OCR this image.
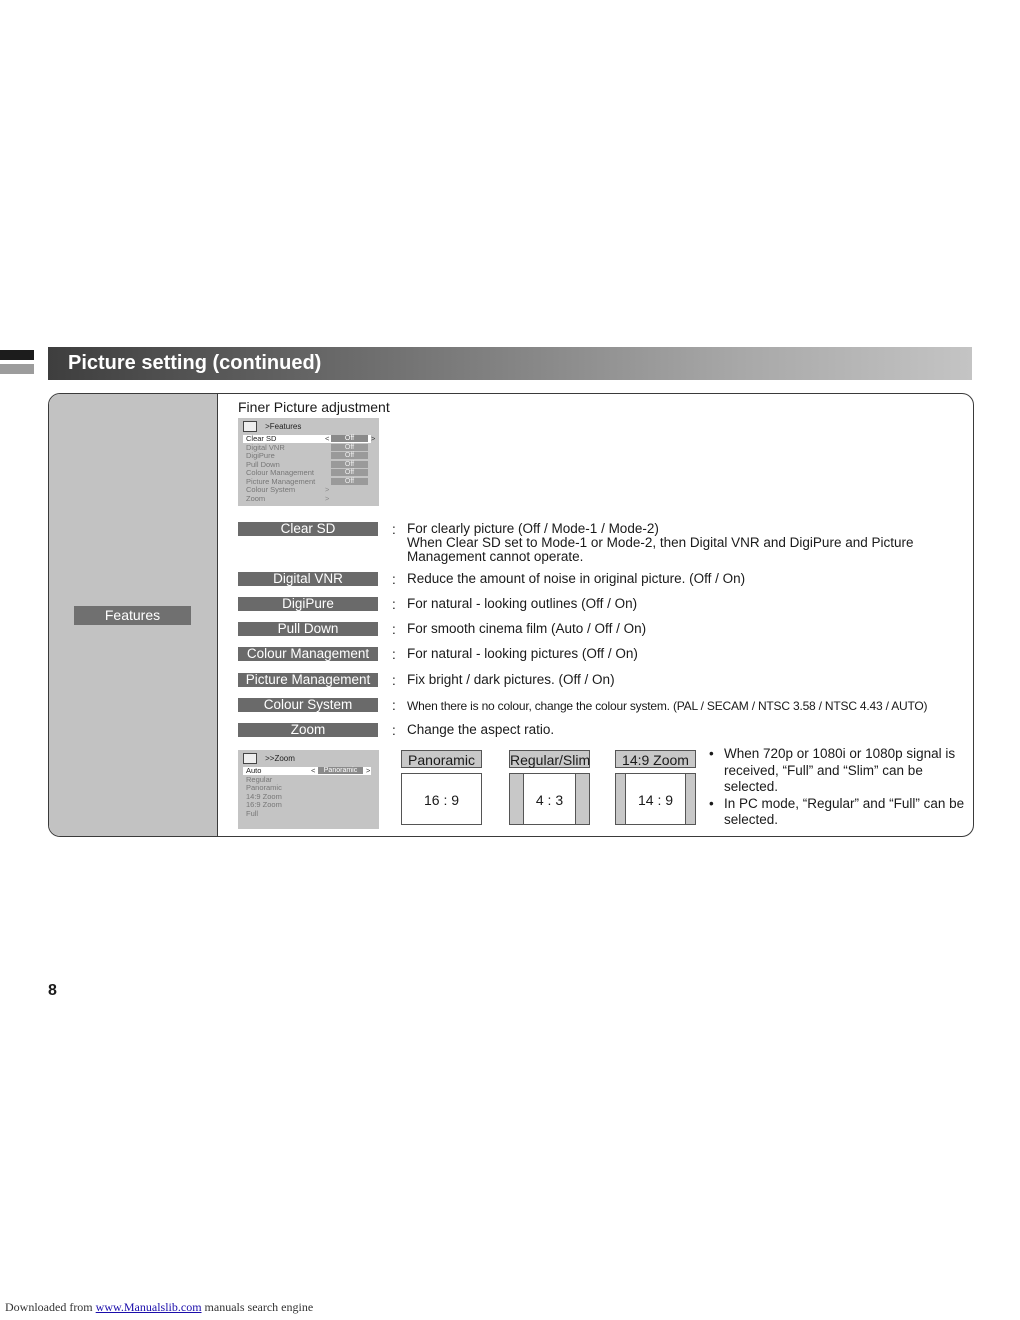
Picture setting (continued)
Features
Finer Picture adjustment
>Features
Clear SD	<	Off	>
Digital VNR	Off
DigiPure	Off
Pull Down	Off
Colour Management	Off
Picture Management	Off
Colour System	>
Zoom	>
Clear SD	: For clearly picture (Off / Mode-1 / Mode-2)
When Clear SD set to Mode-1 or Mode-2, then Digital VNR and DigiPure and Picture
Management cannot operate.
Digital VNR	: Reduce the amount of noise in original picture. (Off / On)
DigiPure	: For natural - looking outlines (Off / On)
Pull Down	: For smooth cinema film (Auto / Off / On)
Colour Management	: For natural - looking pictures (Off / On)
Picture Management	: Fix bright / dark pictures. (Off / On)
Colour System	: When there is no colour, change the colour system. (PAL / SECAM / NTSC 3.58 / NTSC 4.43 / AUTO)
Zoom	: Change the aspect ratio.
>>Zoom
Auto	<	Panoramic	>
Regular
Panoramic
14:9 Zoom
16:9 Zoom
Full
Panoramic
16 : 9
Regular/Slim
4 : 3
14:9 Zoom
14 : 9
• When 720p or 1080i or 1080p signal is received, “Full” and “Slim” can be selected.
• In PC mode, “Regular” and “Full” can be selected.
8
Downloaded from www.Manualslib.com manuals search engine
